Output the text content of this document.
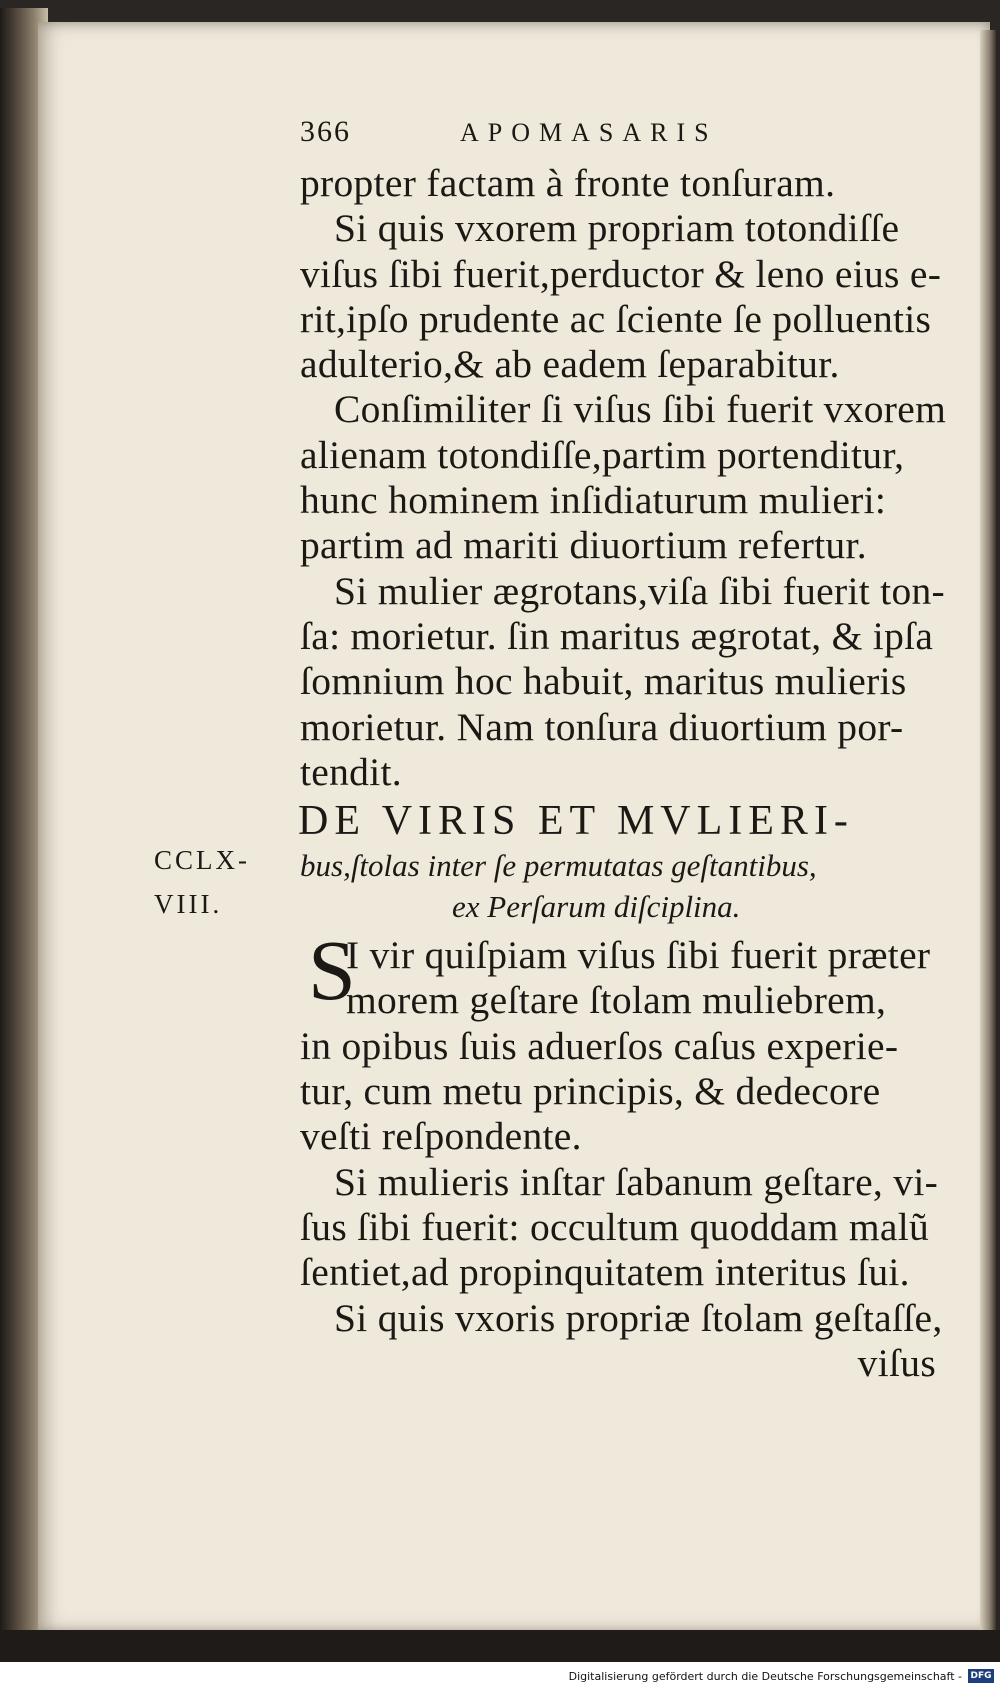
CCLX-
VIII.
366	APOMASARIS
propter factam à fronte tonſuram.
Si quis vxorem propriam totondiſſe
viſus ſibi fuerit,perductor & leno eius e-
rit,ipſo prudente ac ſciente ſe polluentis
adulterio,& ab eadem ſeparabitur.
Conſimiliter ſi viſus ſibi fuerit vxorem
alienam totondiſſe,partim portenditur,
hunc hominem inſidiaturum mulieri:
partim ad mariti diuortium refertur.
Si mulier ægrotans,viſa ſibi fuerit ton-
ſa: morietur. ſin maritus ægrotat, & ipſa
ſomnium hoc habuit, maritus mulieris
morietur. Nam tonſura diuortium por-
tendit.
DE VIRIS ET MVLIERI-
bus,ſtolas inter ſe permutatas geſtantibus,
ex Perſarum diſciplina.
S
I vir quiſpiam viſus ſibi fuerit præter
morem geſtare ſtolam muliebrem,
in opibus ſuis aduerſos caſus experie-
tur, cum metu principis, & dedecore
veſti reſpondente.
Si mulieris inſtar ſabanum geſtare, vi-
ſus ſibi fuerit: occultum quoddam malũ
ſentiet,ad propinquitatem interitus ſui.
Si quis vxoris propriæ ſtolam geſtaſſe,
viſus
Digitalisierung gefördert durch die Deutsche Forschungsgemeinschaft - DFG
